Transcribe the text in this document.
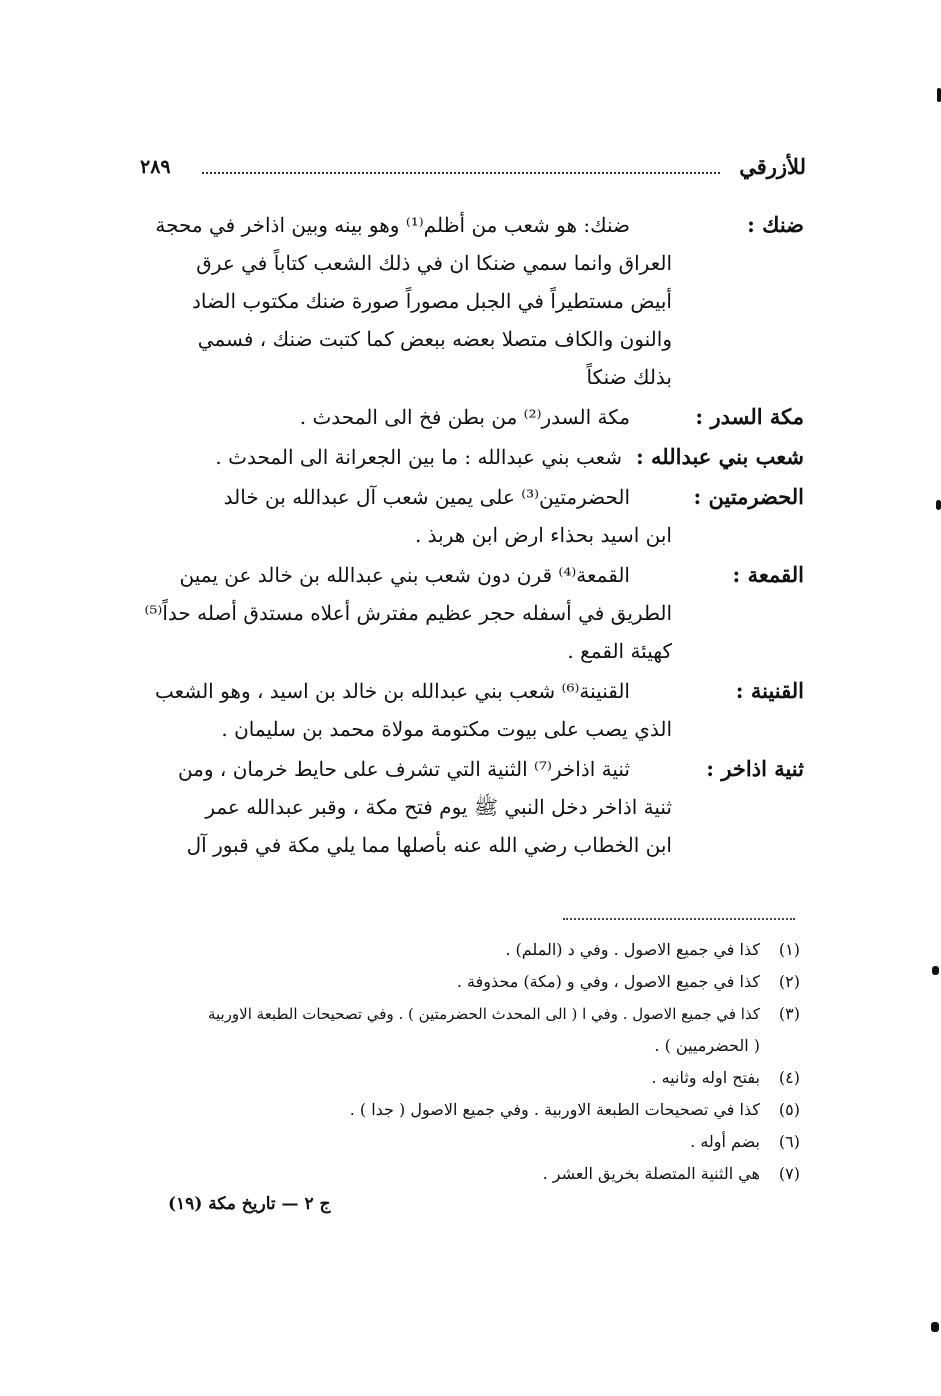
للأزرقي
٢٨٩
ضنك :
ضنك: هو شعب من أظلم⁽¹⁾ وهو بينه وبين اذاخر في محجة
العراق وانما سمي ضنكا ان في ذلك الشعب كتاباً في عرق
أبيض مستطيراً في الجبل مصوراً صورة ضنك مكتوب الضاد
والنون والكاف متصلا بعضه ببعض كما كتبت ضنك ، فسمي
بذلك ضنكاً
مكة السدر :
مكة السدر⁽²⁾ من بطن فخ الى المحدث .
شعب بني عبدالله :
شعب بني عبدالله : ما بين الجعرانة الى المحدث .
الحضرمتين :
الحضرمتين⁽³⁾ على يمين شعب آل عبدالله بن خالد
ابن اسيد بحذاء ارض ابن هربذ .
القمعة :
القمعة⁽⁴⁾ قرن دون شعب بني عبدالله بن خالد عن يمين
الطريق في أسفله حجر عظيم مفترش أعلاه مستدق أصله حداً⁽⁵⁾
كهيئة القمع .
القنينة :
القنينة⁽⁶⁾ شعب بني عبدالله بن خالد بن اسيد ، وهو الشعب
الذي يصب على بيوت مكتومة مولاة محمد بن سليمان .
ثنية اذاخر :
ثنية اذاخر⁽⁷⁾ الثنية التي تشرف على حايط خرمان ، ومن
ثنية اذاخر دخل النبي ﷺ يوم فتح مكة ، وقبر عبدالله عمر
ابن الخطاب رضي الله عنه بأصلها مما يلي مكة في قبور آل
(١)
كذا في جميع الاصول . وفي د (الملم) .
(٢)
كذا في جميع الاصول ، وفي و (مكة) محذوفة .
(٣)
كذا في جميع الاصول . وفي ا ( الى المحدث الحضرمتين ) . وفي تصحيحات الطبعة الاوربية
( الحضرميين ) .
(٤)
بفتح اوله وثانيه .
(٥)
كذا في تصحيحات الطبعة الاوربية . وفي جميع الاصول ( جدا ) .
(٦)
بضم أوله .
(٧)
هي الثنية المتصلة بخريق العشر .
ج ٢ — تاريخ مكة (١٩)
